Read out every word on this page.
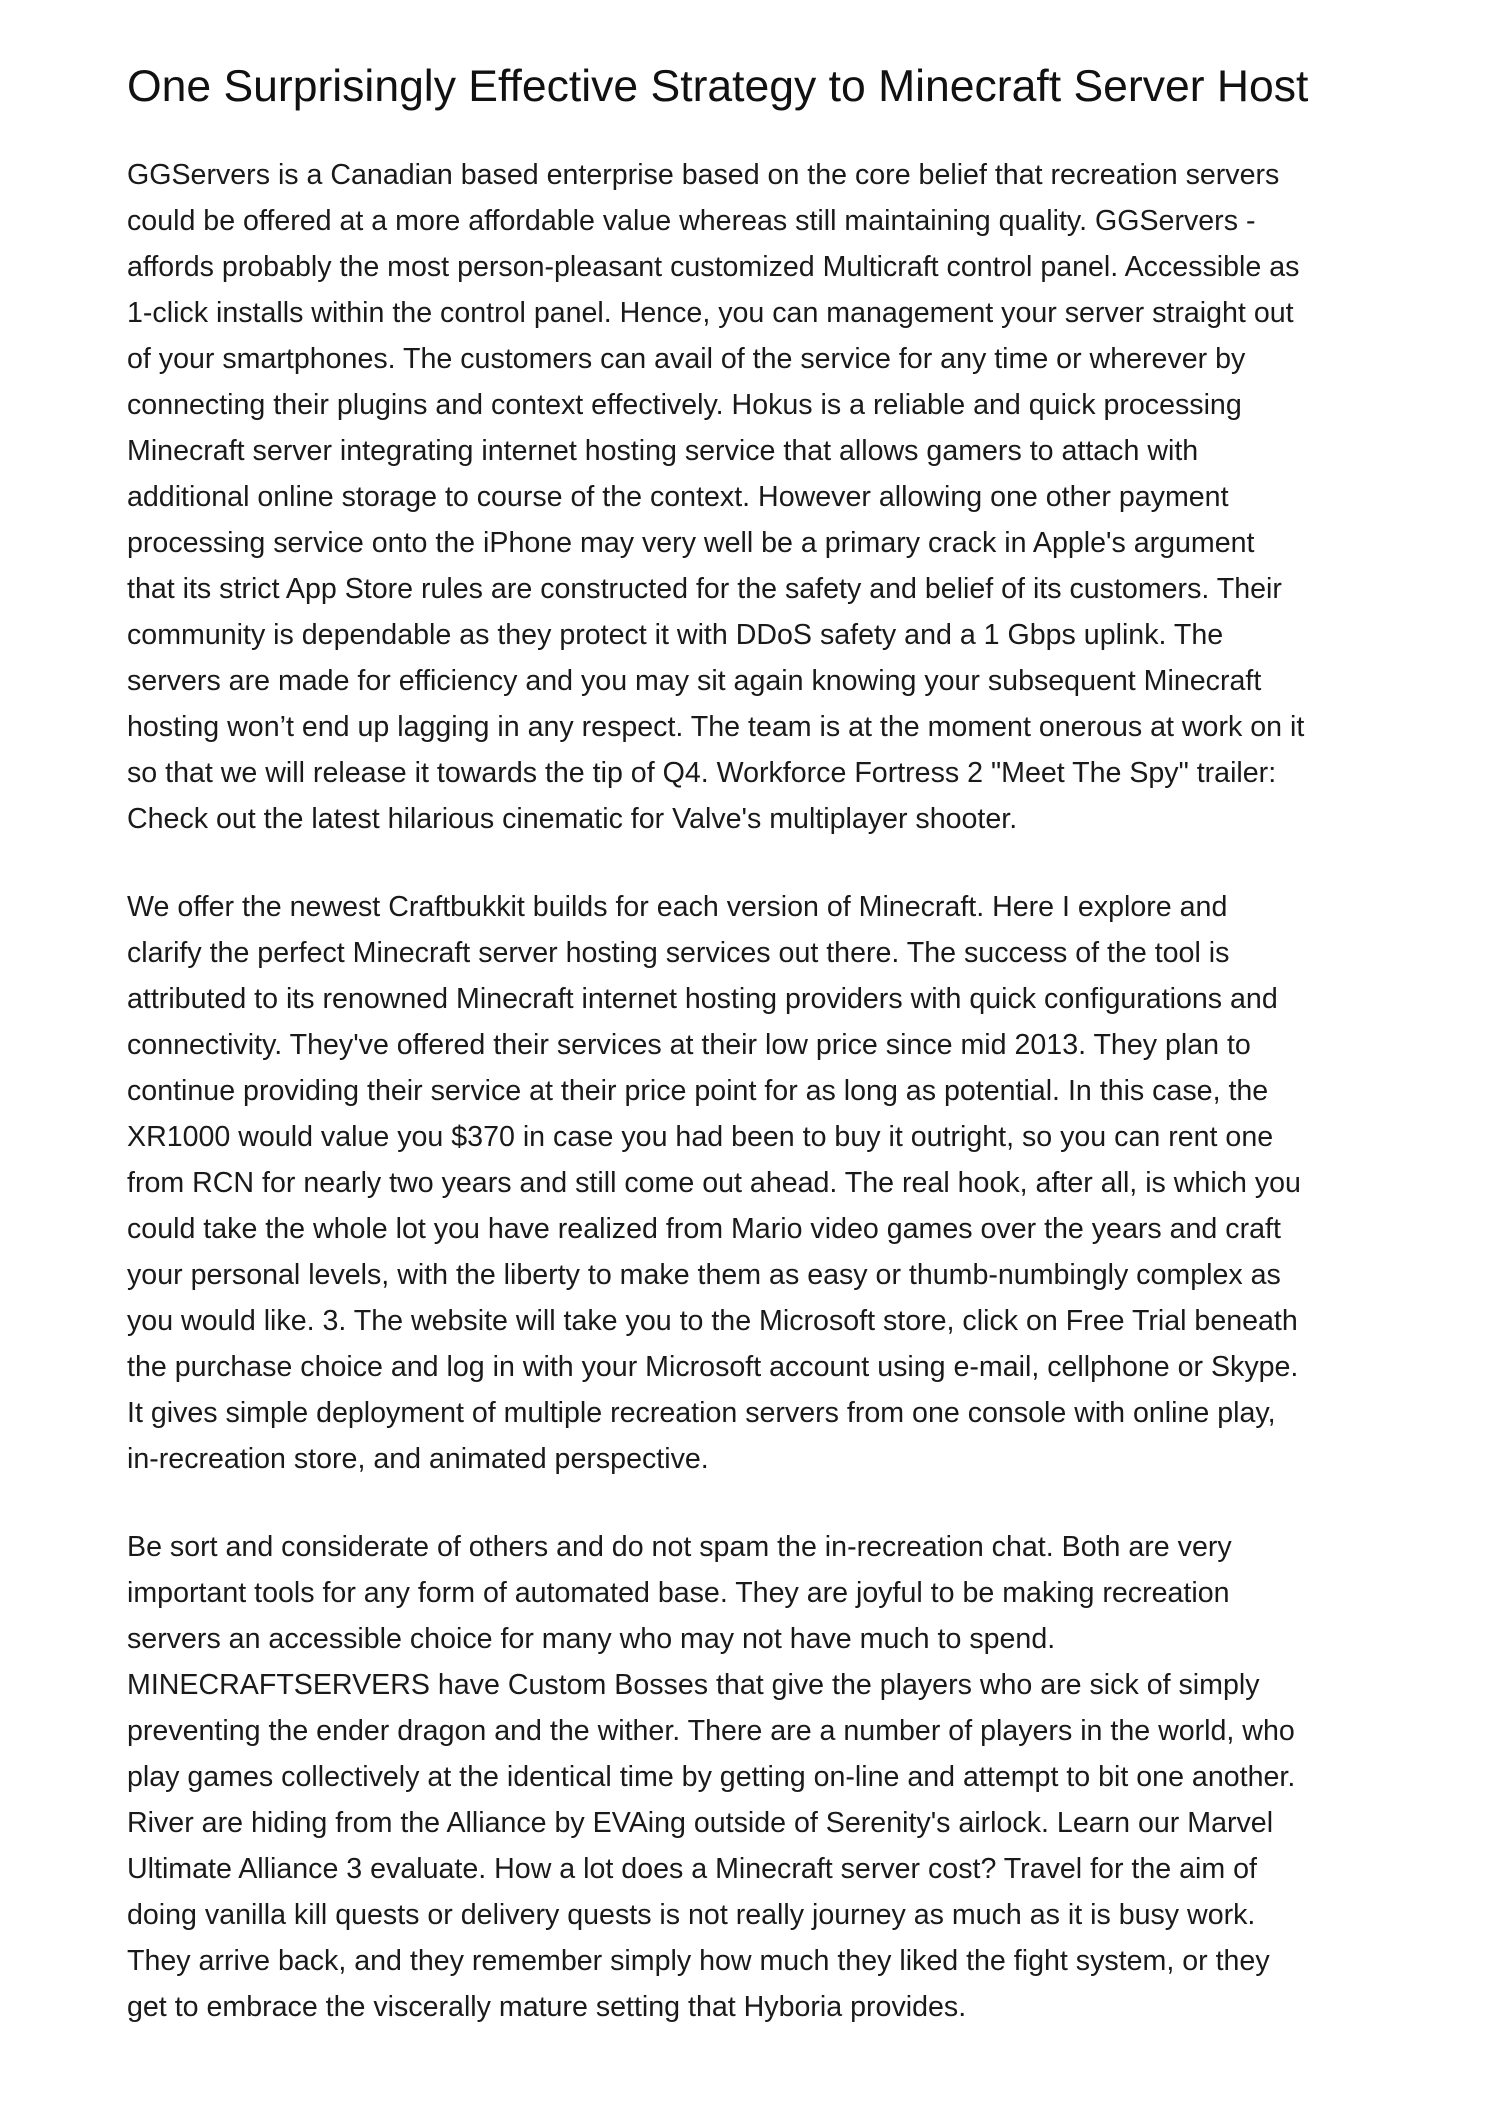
One Surprisingly Effective Strategy to Minecraft Server Host

GGServers is a Canadian based enterprise based on the core belief that recreation servers
could be offered at a more affordable value whereas still maintaining quality. GGServers -
affords probably the most person-pleasant customized Multicraft control panel. Accessible as
1-click installs within the control panel. Hence, you can management your server straight out
of your smartphones. The customers can avail of the service for any time or wherever by
connecting their plugins and context effectively. Hokus is a reliable and quick processing
Minecraft server integrating internet hosting service that allows gamers to attach with
additional online storage to course of the context. However allowing one other payment
processing service onto the iPhone may very well be a primary crack in Apple's argument
that its strict App Store rules are constructed for the safety and belief of its customers. Their
community is dependable as they protect it with DDoS safety and a 1 Gbps uplink. The
servers are made for efficiency and you may sit again knowing your subsequent Minecraft
hosting won’t end up lagging in any respect. The team is at the moment onerous at work on it
so that we will release it towards the tip of Q4. Workforce Fortress 2 "Meet The Spy" trailer:
Check out the latest hilarious cinematic for Valve's multiplayer shooter.

We offer the newest Craftbukkit builds for each version of Minecraft. Here I explore and
clarify the perfect Minecraft server hosting services out there. The success of the tool is
attributed to its renowned Minecraft internet hosting providers with quick configurations and
connectivity. They've offered their services at their low price since mid 2013. They plan to
continue providing their service at their price point for as long as potential. In this case, the
XR1000 would value you $370 in case you had been to buy it outright, so you can rent one
from RCN for nearly two years and still come out ahead. The real hook, after all, is which you
could take the whole lot you have realized from Mario video games over the years and craft
your personal levels, with the liberty to make them as easy or thumb-numbingly complex as
you would like. 3. The website will take you to the Microsoft store, click on Free Trial beneath
the purchase choice and log in with your Microsoft account using e-mail, cellphone or Skype.
It gives simple deployment of multiple recreation servers from one console with online play,
in-recreation store, and animated perspective.

Be sort and considerate of others and do not spam the in-recreation chat. Both are very
important tools for any form of automated base. They are joyful to be making recreation
servers an accessible choice for many who may not have much to spend.
MINECRAFTSERVERS have Custom Bosses that give the players who are sick of simply
preventing the ender dragon and the wither. There are a number of players in the world, who
play games collectively at the identical time by getting on-line and attempt to bit one another.
River are hiding from the Alliance by EVAing outside of Serenity's airlock. Learn our Marvel
Ultimate Alliance 3 evaluate. How a lot does a Minecraft server cost? Travel for the aim of
doing vanilla kill quests or delivery quests is not really journey as much as it is busy work.
They arrive back, and they remember simply how much they liked the fight system, or they
get to embrace the viscerally mature setting that Hyboria provides.
